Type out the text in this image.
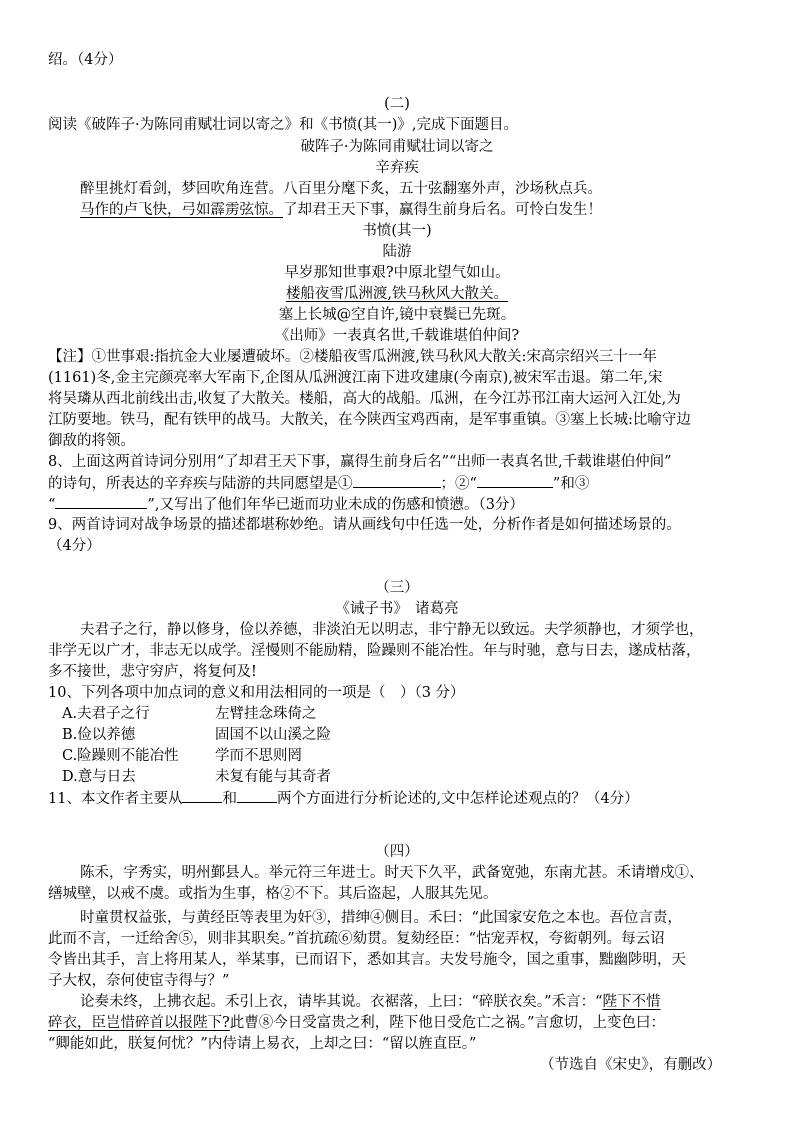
绍。（4分）
(二)
阅读《破阵子·为陈同甫赋壮词以寄之》和《书愤(其一)》,完成下面题目。
破阵子·为陈同甫赋壮词以寄之
辛弃疾
醉里挑灯看剑，梦回吹角连营。八百里分麾下炙，五十弦翻塞外声，沙场秋点兵。
马作的卢飞快，弓如霹雳弦惊。了却君王天下事，赢得生前身后名。可怜白发生！
书愤(其一)
陆游
早岁那知世事艰?中原北望气如山。
楼船夜雪瓜洲渡,铁马秋风大散关。
塞上长城@空自许,镜中衰鬓已先斑。
《出师》一表真名世,千载谁堪伯仲间?
【注】①世事艰:指抗金大业屡遭破坏。②楼船夜雪瓜洲渡,铁马秋风大散关:宋高宗绍兴三十一年
(1161)冬,金主完颜亮率大军南下,企图从瓜洲渡江南下进攻建康(今南京),被宋军击退。第二年,宋
将吴璘从西北前线出击,收复了大散关。楼船，高大的战船。瓜洲，在今江苏邗江南大运河入江处,为
江防要地。铁马，配有铁甲的战马。大散关，在今陕西宝鸡西南，是军事重镇。③塞上长城:比喻守边
御敌的将领。
8、上面这两首诗词分别用“了却君王天下事，赢得生前身后名”“出师一表真名世,千载谁堪伯仲间”
的诗句，所表达的辛弃疾与陆游的共同愿望是①	；②“	”和③
“	”,又写出了他们年华已逝而功业未成的伤感和愤懑。（3分）
9、两首诗词对战争场景的描述都堪称妙绝。请从画线句中任选一处，分析作者是如何描述场景的。
（4分）
（三）
《诫子书》　诸葛亮
夫君子之行，静以修身，俭以养德，非淡泊无以明志，非宁静无以致远。夫学须静也，才须学也，
非学无以广才，非志无以成学。淫慢则不能励精，险躁则不能冶性。年与时驰，意与日去，遂成枯落，
多不接世，悲守穷庐，将复何及!
10、下列各项中加点词的意义和用法相同的一项是（　）（3 分）
A.夫君子之行	左臂挂念珠倚之
B.俭以养德	固国不以山溪之险
C.险躁则不能冶性	学而不思则罔
D.意与日去	未复有能与其奇者
11、本文作者主要从	和	两个方面进行分析论述的,文中怎样论述观点的？（4分）
（四）
陈禾，字秀实，明州鄞县人。举元符三年进士。时天下久平，武备宽弛，东南尤甚。禾请增戍①、
缮城壁，以戒不虞。或指为生事，格②不下。其后盗起，人服其先见。
时童贯权益张，与黄经臣等表里为奸③，措绅④侧目。禾曰：“此国家安危之本也。吾位言责，
此而不言，一迁给舍⑤，则非其职矣。”首抗疏⑥劾贯。复劾经臣：“怙宠弄权，夸衒朝列。每云诏
令皆出其手，言上将用某人，举某事，已而诏下，悉如其言。夫发号施令，国之重事，黜幽陟明，天
子大权，奈何使宦寺得与？”
论奏未终，上拂衣起。禾引上衣，请毕其说。衣裾落，上曰：“碎朕衣矣。”禾言：“陛下不惜
碎衣，臣岂惜碎首以报陛下?此曹⑧今日受富贵之利，陛下他日受危亡之祸。”言愈切，上变色曰：
“卿能如此，朕复何忧？”内侍请上易衣，上却之曰：“留以旌直臣。”
（节选自《宋史》，有删改）
